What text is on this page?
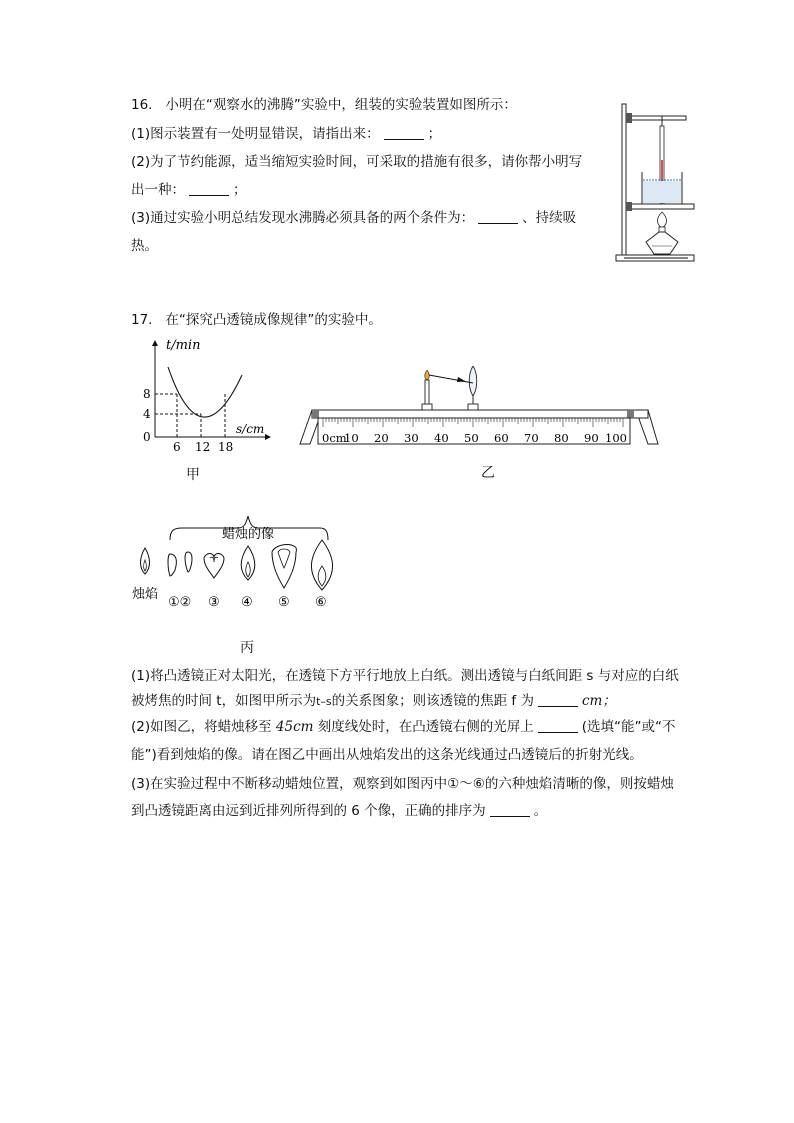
16. 小明在“观察水的沸腾”实验中，组装的实验装置如图所示：
(1)图示装置有一处明显错误，请指出来：	；
(2)为了节约能源，适当缩短实验时间，可采取的措施有很多，请你帮小明写
出一种：	；
(3)通过实验小明总结发现水沸腾必须具备的两个条件为：	、持续吸
热。
17. 在“探究凸透镜成像规律”的实验中。
t/min
s/cm
8
4
0
6 12 18
甲
0cm
10 20 30 40 50 60 70 80 90 100
乙
蜡烛的像
烛焰
①② ③ ④ ⑤ ⑥
丙
(1)将凸透镜正对太阳光，在透镜下方平行地放上白纸。测出透镜与白纸间距 s 与对应的白纸
被烤焦的时间 t，如图甲所示为t–s的关系图象；则该透镜的焦距 f 为	cm；
(2)如图乙，将蜡烛移至 45cm 刻度线处时，在凸透镜右侧的光屏上	(选填“能”或“不
能”)看到烛焰的像。请在图乙中画出从烛焰发出的这条光线通过凸透镜后的折射光线。
(3)在实验过程中不断移动蜡烛位置，观察到如图丙中①～⑥的六种烛焰清晰的像，则按蜡烛
到凸透镜距离由远到近排列所得到的 6 个像，正确的排序为	。
